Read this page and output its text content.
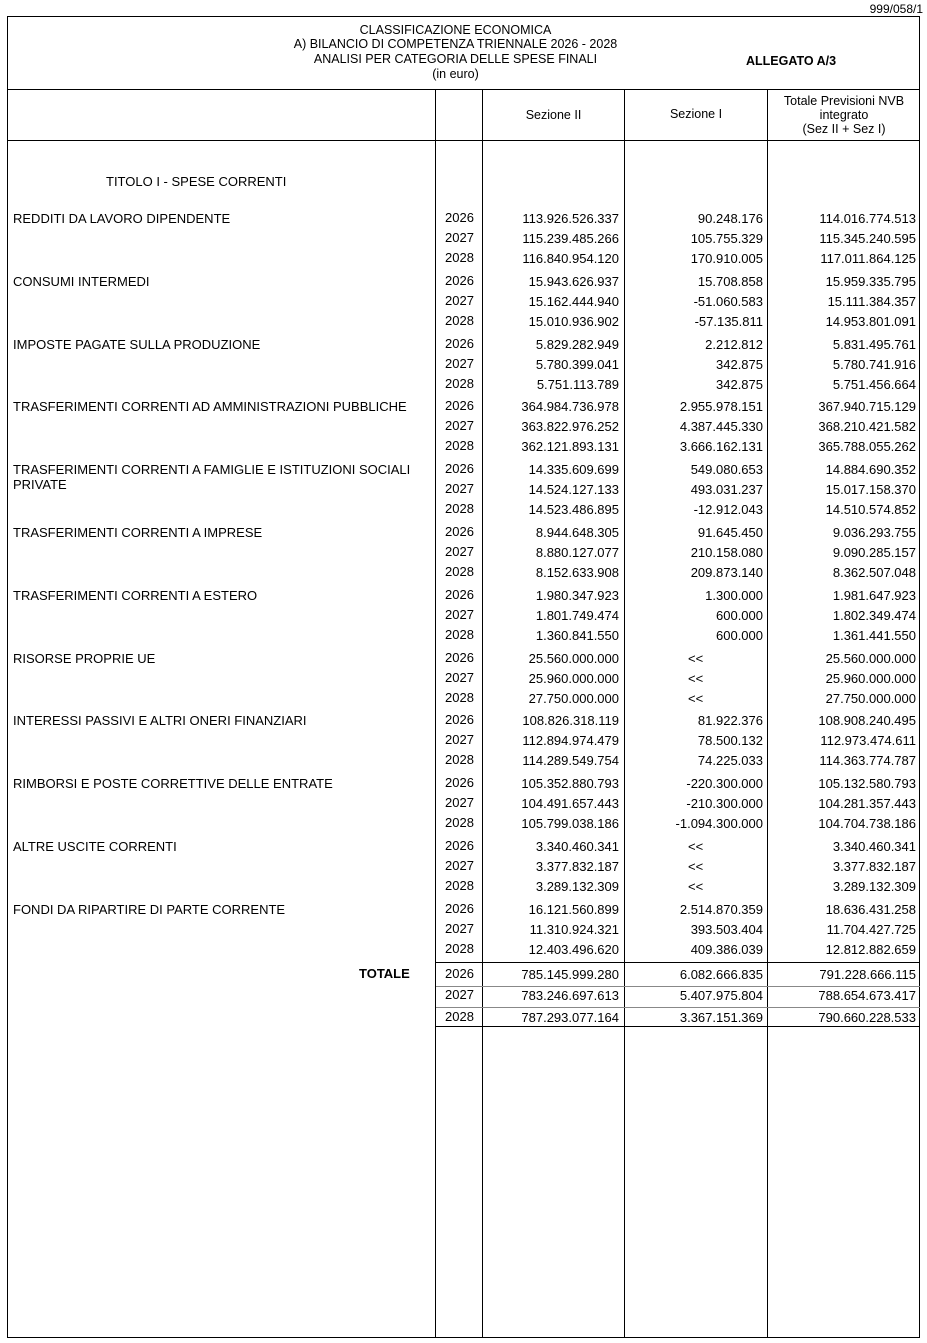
999/058/1
CLASSIFICAZIONE ECONOMICA
A) BILANCIO DI COMPETENZA TRIENNALE 2026 - 2028
ANALISI PER CATEGORIA DELLE SPESE FINALI
(in euro)
ALLEGATO A/3
Sezione II	Sezione I
Totale Previsioni NVB
integrato
(Sez II + Sez I)
TITOLO I - SPESE CORRENTI
REDDITI DA LAVORO DIPENDENTE	2026	113.926.526.337	90.248.176	114.016.774.513
2027	115.239.485.266	105.755.329	115.345.240.595
2028	116.840.954.120	170.910.005	117.011.864.125
CONSUMI INTERMEDI	2026	15.943.626.937	15.708.858	15.959.335.795
2027	15.162.444.940	-51.060.583	15.111.384.357
2028	15.010.936.902	-57.135.811	14.953.801.091
IMPOSTE PAGATE SULLA PRODUZIONE	2026	5.829.282.949	2.212.812	5.831.495.761
2027	5.780.399.041	342.875	5.780.741.916
2028	5.751.113.789	342.875	5.751.456.664
TRASFERIMENTI CORRENTI AD AMMINISTRAZIONI PUBBLICHE	2026	364.984.736.978	2.955.978.151	367.940.715.129
2027	363.822.976.252	4.387.445.330	368.210.421.582
2028	362.121.893.131	3.666.162.131	365.788.055.262
TRASFERIMENTI CORRENTI A FAMIGLIE E ISTITUZIONI SOCIALI
PRIVATE
2026	14.335.609.699	549.080.653	14.884.690.352
2027	14.524.127.133	493.031.237	15.017.158.370
2028	14.523.486.895	-12.912.043	14.510.574.852
TRASFERIMENTI CORRENTI A IMPRESE	2026	8.944.648.305	91.645.450	9.036.293.755
2027	8.880.127.077	210.158.080	9.090.285.157
2028	8.152.633.908	209.873.140	8.362.507.048
TRASFERIMENTI CORRENTI A ESTERO	2026	1.980.347.923	1.300.000	1.981.647.923
2027	1.801.749.474	600.000	1.802.349.474
2028	1.360.841.550	600.000	1.361.441.550
RISORSE PROPRIE UE	2026	25.560.000.000	<<	25.560.000.000
2027	25.960.000.000	<<	25.960.000.000
2028	27.750.000.000	<<	27.750.000.000
INTERESSI PASSIVI E ALTRI ONERI FINANZIARI	2026	108.826.318.119	81.922.376	108.908.240.495
2027	112.894.974.479	78.500.132	112.973.474.611
2028	114.289.549.754	74.225.033	114.363.774.787
RIMBORSI E POSTE CORRETTIVE DELLE ENTRATE	2026	105.352.880.793	-220.300.000	105.132.580.793
2027	104.491.657.443	-210.300.000	104.281.357.443
2028	105.799.038.186	-1.094.300.000	104.704.738.186
ALTRE USCITE CORRENTI	2026	3.340.460.341	<<	3.340.460.341
2027	3.377.832.187	<<	3.377.832.187
2028	3.289.132.309	<<	3.289.132.309
FONDI DA RIPARTIRE DI PARTE CORRENTE	2026	16.121.560.899	2.514.870.359	18.636.431.258
2027	11.310.924.321	393.503.404	11.704.427.725
2028	12.403.496.620	409.386.039	12.812.882.659
TOTALE	2026	785.145.999.280	6.082.666.835	791.228.666.115
2027	783.246.697.613	5.407.975.804	788.654.673.417
2028	787.293.077.164	3.367.151.369	790.660.228.533
